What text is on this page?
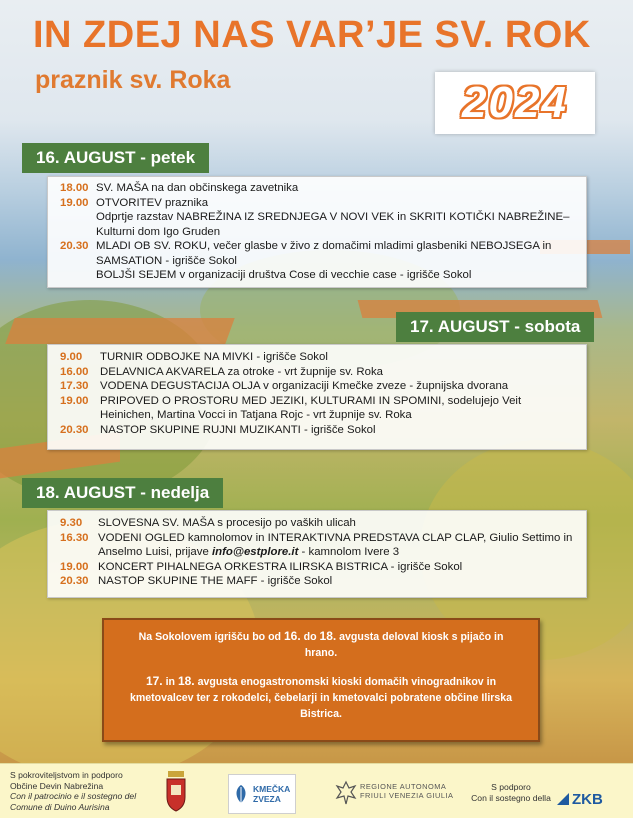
IN ZDEJ NAS VAR’JE SV. ROK
praznik sv. Roka	2024
16. AUGUST - petek
18.00 SV. MAŠA na dan občinskega zavetnika
19.00 OTVORITEV praznika
Odprtje razstav NABREŽINA IZ SREDNJEGA V NOVI VEK in SKRITI KOTIČKI NABREŽINE– Kulturni dom Igo Gruden
20.30 MLADI OB SV. ROKU, večer glasbe v živo z domačimi mladimi glasbeniki NEBOJSEGA in SAMSATION - igrišče Sokol
BOLJŠI SEJEM v organizaciji društva Cose di vecchie case - igrišče Sokol
17. AUGUST - sobota
9.00	TURNIR ODBOJKE NA MIVKI - igrišče Sokol
16.00	DELAVNICA AKVARELA za otroke - vrt župnije sv. Roka
17.30	VODENA DEGUSTACIJA OLJA v organizaciji Kmečke zveze - župnijska dvorana
19.00	PRIPOVED O PROSTORU MED JEZIKI, KULTURAMI IN SPOMINI, sodelujejo Veit Heinichen, Martina Vocci in Tatjana Rojc - vrt župnije sv. Roka
20.30	NASTOP SKUPINE RUJNI MUZIKANTI - igrišče Sokol
18. AUGUST - nedelja
9.30	SLOVESNA SV. MAŠA s procesijo po vaških ulicah
16.30 VODENI OGLED kamnolomov in INTERAKTIVNA PREDSTAVA CLAP CLAP, Giulio Settimo in Anselmo Luisi, prijave info@estplore.it - kamnolom Ivere 3
19.00 KONCERT PIHALNEGA ORKESTRA ILIRSKA BISTRICA - igrišče Sokol
20.30 NASTOP SKUPINE THE MAFF - igrišče Sokol

Na Sokolovem igrišču bo od 16. do 18. avgusta deloval kiosk s pijačo in hrano.

17. in 18. avgusta enogastronomski kioski domačih vinogradnikov in kmetovalcev ter z rokodelci, čebelarji in kmetovalci pobratene občine Ilirska Bistrica.

S pokroviteljstvom in podporo
Občine Devin Nabrežina
Con il patrocinio e il sostegno del
Comune di Duino Aurisina
KMEČKA
ZVEZA
REGIONE AUTONOMA
FRIULI VENEZIA GIULIA
S podporo
Con il sostegno della ZKB
